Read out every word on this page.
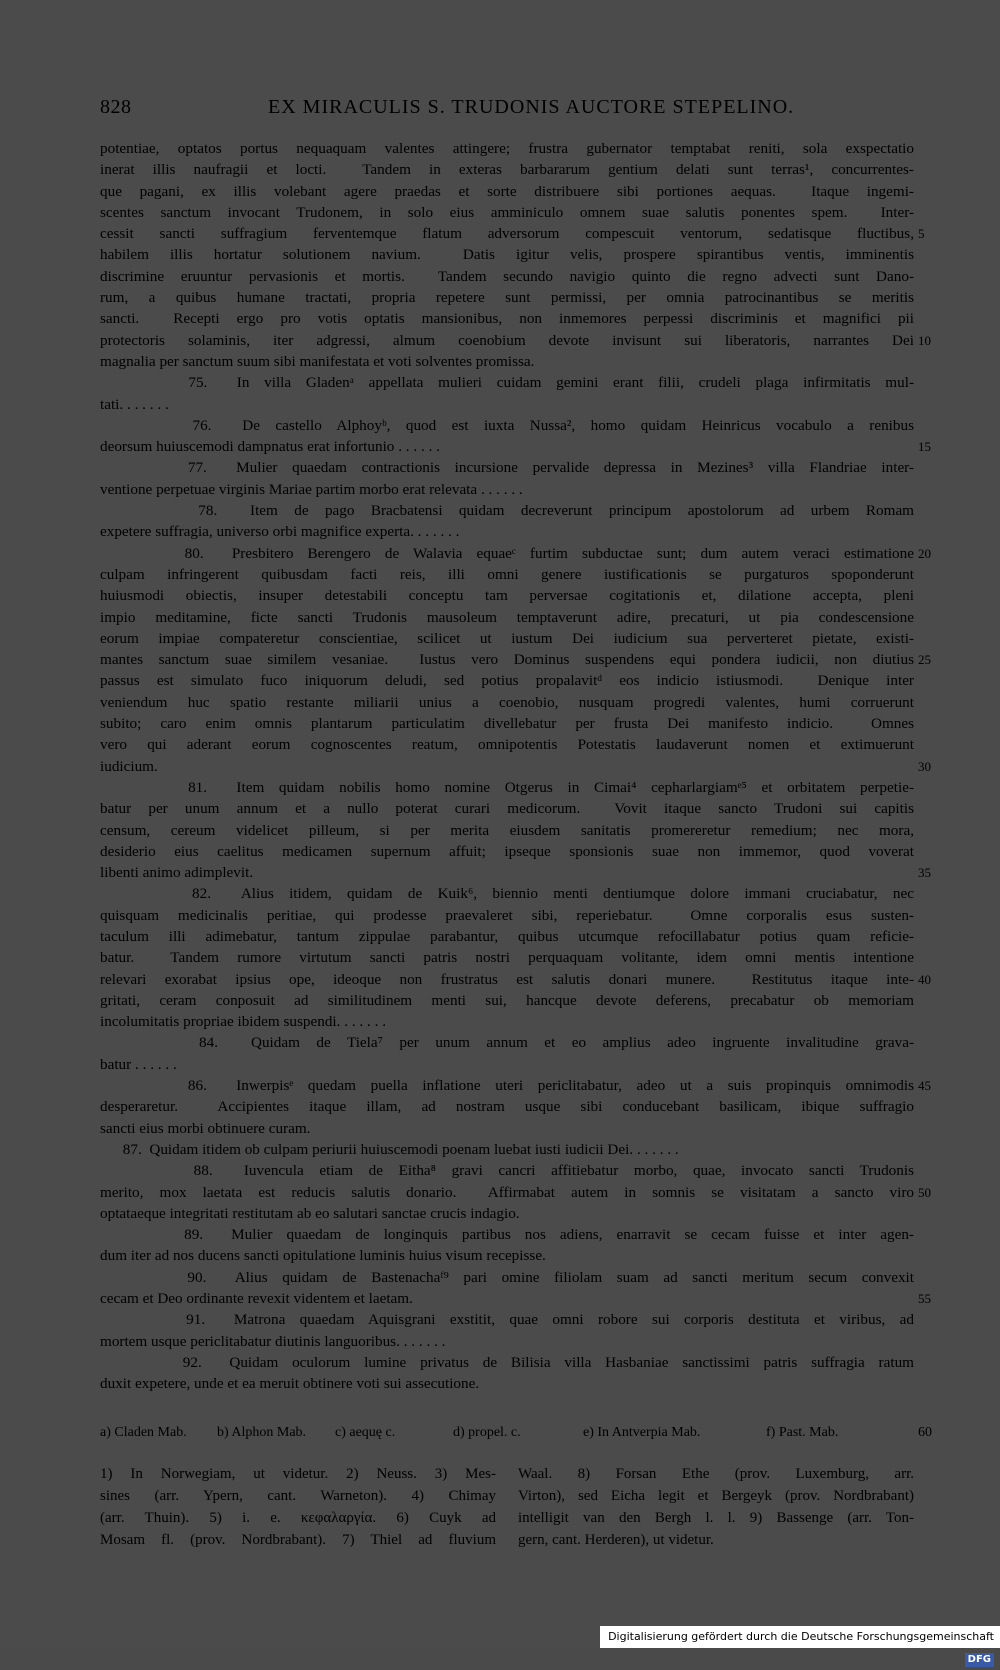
828	EX MIRACULIS S. TRUDONIS AUCTORE STEPELINO.
potentiae, optatos portus nequaquam valentes attingere; frustra gubernator temptabat reniti, sola exspectatio
inerat illis naufragii et locti.  Tandem in exteras barbararum gentium delati sunt terras¹, concurrentes-
que pagani, ex illis volebant agere praedas et sorte distribuere sibi portiones aequas.  Itaque ingemi-
scentes sanctum invocant Trudonem, in solo eius amminiculo omnem suae salutis ponentes spem.  Inter-
cessit sancti suffragium ferventemque flatum adversorum compescuit ventorum, sedatisque fluctibus, 5
habilem illis hortatur solutionem navium.  Datis igitur velis, prospere spirantibus ventis, imminentis
discrimine eruuntur pervasionis et mortis.  Tandem secundo navigio quinto die regno advecti sunt Dano-
rum, a quibus humane tractati, propria repetere sunt permissi, per omnia patrocinantibus se meritis
sancti.  Recepti ergo pro votis optatis mansionibus, non inmemores perpessi discriminis et magnifici pii
protectoris solaminis, iter adgressi, almum coenobium devote invisunt sui liberatoris, narrantes Dei 10
magnalia per sanctum suum sibi manifestata et voti solventes promissa.
75.  In villa Gladenᵃ appellata mulieri cuidam gemini erant filii, crudeli plaga infirmitatis mul-
tati. . . . . . .
76.  De castello Alphoyᵇ, quod est iuxta Nussa², homo quidam Heinricus vocabulo a renibus
deorsum huiuscemodi dampnatus erat infortunio . . . . . .	15
77.  Mulier quaedam contractionis incursione pervalide depressa in Mezines³ villa Flandriae inter-
ventione perpetuae virginis Mariae partim morbo erat relevata . . . . . .
78.  Item de pago Bracbatensi quidam decreverunt principum apostolorum ad urbem Romam
expetere suffragia, universo orbi magnifice experta. . . . . . .
80.  Presbitero Berengero de Walavia equaeᶜ furtim subductae sunt; dum autem veraci estimatione 20
culpam infringerent quibusdam facti reis, illi omni genere iustificationis se purgaturos spoponderunt
huiusmodi obiectis, insuper detestabili conceptu tam perversae cogitationis et, dilatione accepta, pleni
impio meditamine, ficte sancti Trudonis mausoleum temptaverunt adire, precaturi, ut pia condescensione
eorum impiae compateretur conscientiae, scilicet ut iustum Dei iudicium sua perverteret pietate, existi-
mantes sanctum suae similem vesaniae.  Iustus vero Dominus suspendens equi pondera iudicii, non diutius 25
passus est simulato fuco iniquorum deludi, sed potius propalavitᵈ eos indicio istiusmodi.  Denique inter
veniendum huc spatio restante miliarii unius a coenobio, nusquam progredi valentes, humi corruerunt
subito; caro enim omnis plantarum particulatim divellebatur per frusta Dei manifesto indicio.  Omnes
vero qui aderant eorum cognoscentes reatum, omnipotentis Potestatis laudaverunt nomen et extimuerunt
iudicium.	30
81.  Item quidam nobilis homo nomine Otgerus in Cimai⁴ cepharlargiamᵉ⁵ et orbitatem perpetie-
batur per unum annum et a nullo poterat curari medicorum.  Vovit itaque sancto Trudoni sui capitis
censum, cereum videlicet pilleum, si per merita eiusdem sanitatis promereretur remedium; nec mora,
desiderio eius caelitus medicamen supernum affuit; ipseque sponsionis suae non immemor, quod voverat
libenti animo adimplevit.	35
82.  Alius itidem, quidam de Kuik⁶, biennio menti dentiumque dolore immani cruciabatur, nec
quisquam medicinalis peritiae, qui prodesse praevaleret sibi, reperiebatur.  Omne corporalis esus susten-
taculum illi adimebatur, tantum zippulae parabantur, quibus utcumque refocillabatur potius quam reficie-
batur.  Tandem rumore virtutum sancti patris nostri perquaquam volitante, idem omni mentis intentione
relevari exorabat ipsius ope, ideoque non frustratus est salutis donari munere.  Restitutus itaque inte- 40
gritati, ceram conposuit ad similitudinem menti sui, hancque devote deferens, precabatur ob memoriam
incolumitatis propriae ibidem suspendi. . . . . . .
84.  Quidam de Tiela⁷ per unum annum et eo amplius adeo ingruente invalitudine grava-
batur . . . . . .
86.  Inwerpisᵉ quedam puella inflatione uteri periclitabatur, adeo ut a suis propinquis omnimodis 45
desperaretur.  Accipientes itaque illam, ad nostram usque sibi conducebant basilicam, ibique suffragio
sancti eius morbi obtinuere curam.
87.  Quidam itidem ob culpam periurii huiuscemodi poenam luebat iusti iudicii Dei. . . . . . .
88.  Iuvencula etiam de Eitha⁸ gravi cancri affitiebatur morbo, quae, invocato sancti Trudonis
merito, mox laetata est reducis salutis donario.  Affirmabat autem in somnis se visitatam a sancto viro 50
optataeque integritati restitutam ab eo salutari sanctae crucis indagio.
89.  Mulier quaedam de longinquis partibus nos adiens, enarravit se cecam fuisse et inter agen-
dum iter ad nos ducens sancti opitulatione luminis huius visum recepisse.
90.  Alius quidam de Bastenachaᶠ⁹ pari omine filiolam suam ad sancti meritum secum convexit
cecam et Deo ordinante revexit videntem et laetam.	55
91.  Matrona quaedam Aquisgrani exstitit, quae omni robore sui corporis destituta et viribus, ad
mortem usque periclitabatur diutinis languoribus. . . . . . .
92.  Quidam oculorum lumine privatus de Bilisia villa Hasbaniae sanctissimi patris suffragia ratum
duxit expetere, unde et ea meruit obtinere voti sui assecutione.
a) Claden Mab. b) Alphon Mab. c) aequę c.	d) propel. c.	e) In Antverpia Mab.	f) Past. Mab.	60
1) In Norwegiam, ut videtur. 2) Neuss. 3) Mes-
sines (arr. Ypern, cant. Warneton). 4) Chimay
(arr. Thuin). 5) i. e. κεφαλαργία. 6) Cuyk ad
Mosam fl. (prov. Nordbrabant). 7) Thiel ad fluvium
Waal. 8) Forsan Ethe (prov. Luxemburg, arr.
Virton), sed Eicha legit et Bergeyk (prov. Nordbrabant)
intelligit van den Bergh l. l. 9) Bassenge (arr. Ton-
gern, cant. Herderen), ut videtur.
Digitalisierung gefördert durch die Deutsche Forschungsgemeinschaft DFG
